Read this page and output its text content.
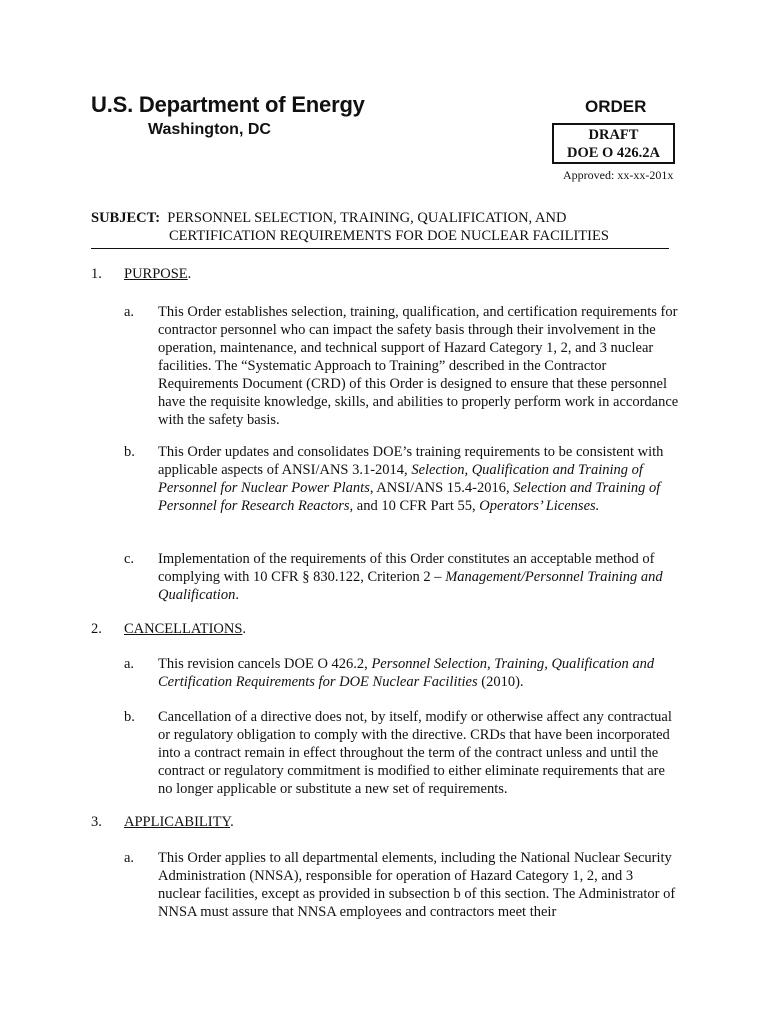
U.S. Department of Energy
Washington, DC
ORDER
DRAFT
DOE O 426.2A
Approved: xx-xx-201x
SUBJECT: PERSONNEL SELECTION, TRAINING, QUALIFICATION, AND
CERTIFICATION REQUIREMENTS FOR DOE NUCLEAR FACILITIES
1. PURPOSE.
a. This Order establishes selection, training, qualification, and certification requirements for contractor personnel who can impact the safety basis through their involvement in the operation, maintenance, and technical support of Hazard Category 1, 2, and 3 nuclear facilities. The “Systematic Approach to Training” described in the Contractor Requirements Document (CRD) of this Order is designed to ensure that these personnel have the requisite knowledge, skills, and abilities to properly perform work in accordance with the safety basis.
b. This Order updates and consolidates DOE’s training requirements to be consistent with applicable aspects of ANSI/ANS 3.1-2014, Selection, Qualification and Training of Personnel for Nuclear Power Plants, ANSI/ANS 15.4-2016, Selection and Training of Personnel for Research Reactors, and 10 CFR Part 55, Operators’ Licenses.
c. Implementation of the requirements of this Order constitutes an acceptable method of complying with 10 CFR § 830.122, Criterion 2 – Management/Personnel Training and Qualification.
2. CANCELLATIONS.
a. This revision cancels DOE O 426.2, Personnel Selection, Training, Qualification and Certification Requirements for DOE Nuclear Facilities (2010).
b. Cancellation of a directive does not, by itself, modify or otherwise affect any contractual or regulatory obligation to comply with the directive. CRDs that have been incorporated into a contract remain in effect throughout the term of the contract unless and until the contract or regulatory commitment is modified to either eliminate requirements that are no longer applicable or substitute a new set of requirements.
3. APPLICABILITY.
a. This Order applies to all departmental elements, including the National Nuclear Security Administration (NNSA), responsible for operation of Hazard Category 1, 2, and 3 nuclear facilities, except as provided in subsection b of this section. The Administrator of NNSA must assure that NNSA employees and contractors meet their
